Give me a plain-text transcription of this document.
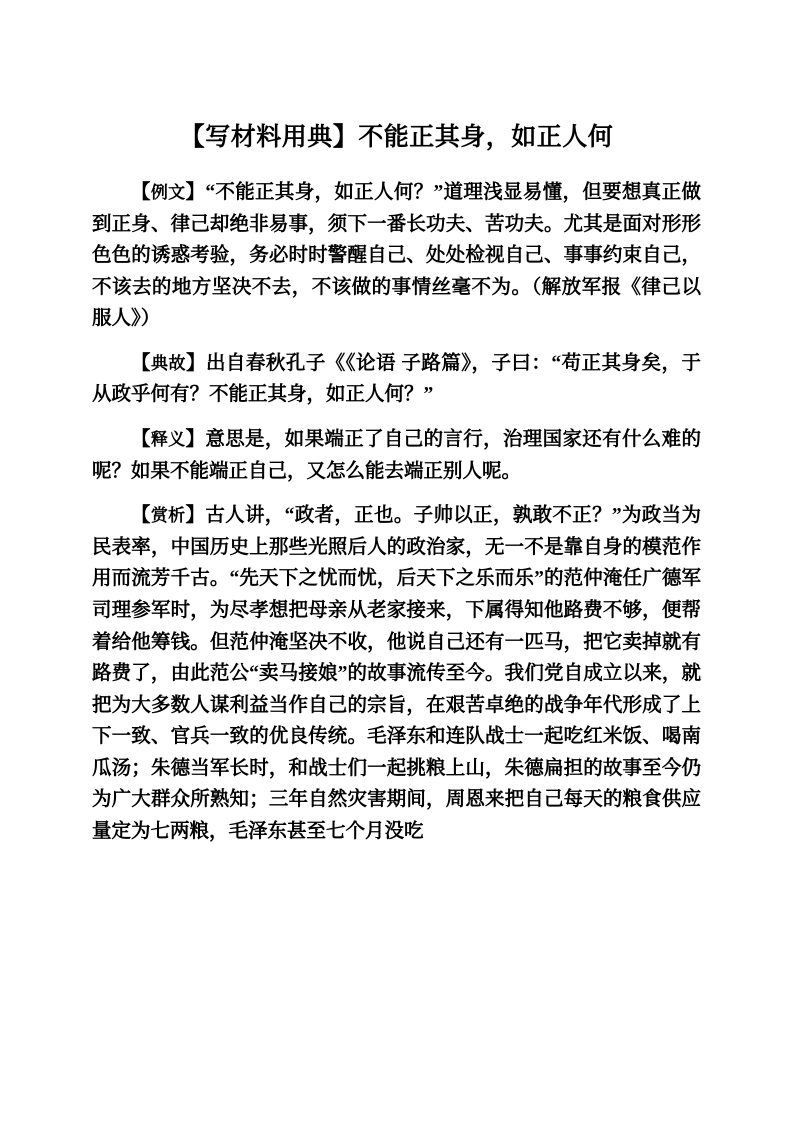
【写材料用典】不能正其身，如正人何

【例文】“不能正其身，如正人何？”道理浅显易懂，但要想真正做到正身、律己却绝非易事，须下一番长功夫、苦功夫。尤其是面对形形色色的诱惑考验，务必时时警醒自己、处处检视自己、事事约束自己，不该去的地方坚决不去，不该做的事情丝毫不为。（解放军报《律己以服人》）

【典故】出自春秋孔子《《论语 子路篇》，子曰：“苟正其身矣，于从政乎何有？不能正其身，如正人何？”

【释义】意思是，如果端正了自己的言行，治理国家还有什么难的呢？如果不能端正自己，又怎么能去端正别人呢。

【赏析】古人讲，“政者，正也。子帅以正，孰敢不正？”为政当为民表率，中国历史上那些光照后人的政治家，无一不是靠自身的模范作用而流芳千古。“先天下之忧而忧，后天下之乐而乐”的范仲淹任广德军司理参军时，为尽孝想把母亲从老家接来，下属得知他路费不够，便帮着给他筹钱。但范仲淹坚决不收，他说自己还有一匹马，把它卖掉就有路费了，由此范公“卖马接娘”的故事流传至今。我们党自成立以来，就把为大多数人谋利益当作自己的宗旨，在艰苦卓绝的战争年代形成了上下一致、官兵一致的优良传统。毛泽东和连队战士一起吃红米饭、喝南瓜汤；朱德当军长时，和战士们一起挑粮上山，朱德扁担的故事至今仍为广大群众所熟知；三年自然灾害期间，周恩来把自己每天的粮食供应量定为七两粮，毛泽东甚至七个月没吃
